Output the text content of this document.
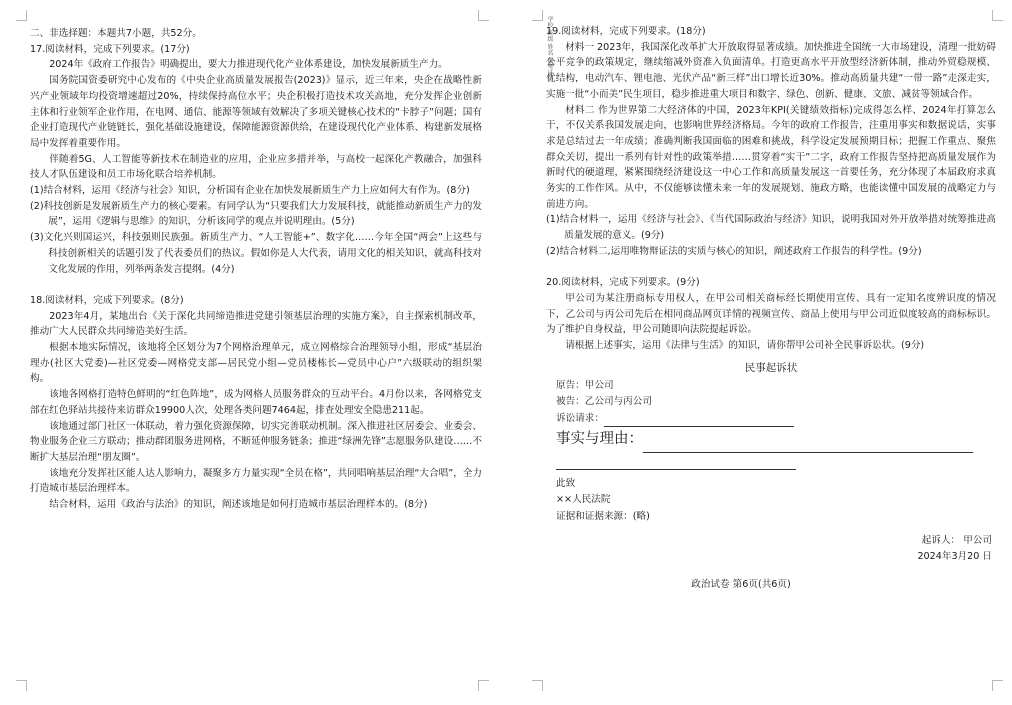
二、非选择题：本题共7小题，共52分。

17.阅读材料，完成下列要求。(17分)

2024年《政府工作报告》明确提出，要大力推进现代化产业体系建设，加快发展新质生产力。

国务院国资委研究中心发布的《中央企业高质量发展报告(2023)》显示，近三年来，央企在战略性新兴产业领域年均投资增速超过20%，持续保持高位水平；央企积极打造技术攻关高地，充分发挥企业创新主体和行业领军企业作用，在电网、通信、能源等领域有效解决了多项关键核心技术的“卡脖子”问题；国有企业打造现代产业链链长，强化基础设施建设，保障能源资源供给，在建设现代化产业体系、构建新发展格局中发挥着重要作用。

伴随着5G、人工智能等新技术在制造业的应用，企业应多措并举，与高校一起深化产教融合，加强科技人才队伍建设和员工市场化联合培养机制。

(1)结合材料，运用《经济与社会》知识，分析国有企业在加快发展新质生产力上应如何大有作为。(8分)

(2)科技创新是发展新质生产力的核心要素。有同学认为“只要我们大力发展科技，就能推动新质生产力的发展”，运用《逻辑与思维》的知识，分析该同学的观点并说明理由。(5分)

(3)文化兴则国运兴，科技强则民族强。新质生产力、“人工智能+”、数字化……今年全国“两会”上这些与科技创新相关的话题引发了代表委员们的热议。假如你是人大代表，请用文化的相关知识，就高科技对文化发展的作用，列举两条发言提纲。(4分)

18.阅读材料，完成下列要求。(8分)

2023年4月，某地出台《关于深化共同缔造推进党建引领基层治理的实施方案》，自主探索机制改革，推动广大人民群众共同缔造美好生活。

根据本地实际情况，该地将全区划分为7个网格治理单元，成立网格综合治理领导小组，形成“基层治理办(社区大党委)—社区党委—网格党支部—居民党小组—党员楼栋长—党员中心户”六级联动的组织架构。

该地各网格打造特色鲜明的“红色阵地”，成为网格人员服务群众的互动平台。4月份以来，各网格党支部在红色驿站共接待来访群众19900人次，处理各类问题7464起，排查处理安全隐患211起。

该地通过部门社区一体联动，着力强化资源保障，切实完善联动机制。深入推进社区居委会、业委会、物业服务企业三方联动；推动群团服务进网格，不断延伸服务链条；推进“绿洲先锋”志愿服务队建设……不断扩大基层治理“朋友圈”。

该地充分发挥社区能人达人影响力，凝聚多方力量实现“全员在格”，共同唱响基层治理“大合唱”，全力打造城市基层治理样本。

结合材料，运用《政治与法治》的知识，阐述该地是如何打造城市基层治理样本的。(8分)

学校 班级 姓名 准考证号

19.阅读材料，完成下列要求。(18分)

材料一 2023年，我国深化改革扩大开放取得显著成绩。加快推进全国统一大市场建设，清理一批妨碍公平竞争的政策规定，继续缩减外资准入负面清单。打造更高水平开放型经济新体制，推动外贸稳规模、优结构，电动汽车、锂电池、光伏产品“新三样”出口增长近30%。推动高质量共建“一带一路”走深走实，实施一批“小而美”民生项目，稳步推进重大项目和数字、绿色、创新、健康、文旅、减贫等领域合作。

材料二 作为世界第二大经济体的中国，2023年KPI(关键绩效指标)完成得怎么样、2024年打算怎么干，不仅关系我国发展走向，也影响世界经济格局。今年的政府工作报告，注重用事实和数据说话，实事求是总结过去一年成绩；准确判断我国面临的困难和挑战，科学设定发展预期目标；把握工作重点、聚焦群众关切，提出一系列有针对性的政策举措……贯穿着“实干”二字，政府工作报告坚持把高质量发展作为新时代的硬道理，紧紧围绕经济建设这一中心工作和高质量发展这一首要任务，充分体现了本届政府求真务实的工作作风。从中，不仅能够读懂未来一年的发展规划、施政方略，也能读懂中国发展的战略定力与前进方向。

(1)结合材料一，运用《经济与社会》、《当代国际政治与经济》知识，说明我国对外开放举措对统筹推进高质量发展的意义。(9分)

(2)结合材料二,运用唯物辩证法的实质与核心的知识，阐述政府工作报告的科学性。(9分)

20.阅读材料，完成下列要求。(9分)

甲公司为某注册商标专用权人，在甲公司相关商标经长期使用宣传、具有一定知名度辨识度的情况下，乙公司与丙公司先后在相同商品网页详情的视频宣传、商品上使用与甲公司近似度较高的商标标识。为了维护自身权益，甲公司随即向法院提起诉讼。

请根据上述事实，运用《法律与生活》的知识，请你帮甲公司补全民事诉讼状。(9分)

民事起诉状
原告：甲公司
被告：乙公司与丙公司
诉讼请求：
事实与理由：
此致
××人民法院
证据和证据来源：(略)
起诉人： 甲公司
2024年3月20 日
政治试卷 第6页(共6页)
